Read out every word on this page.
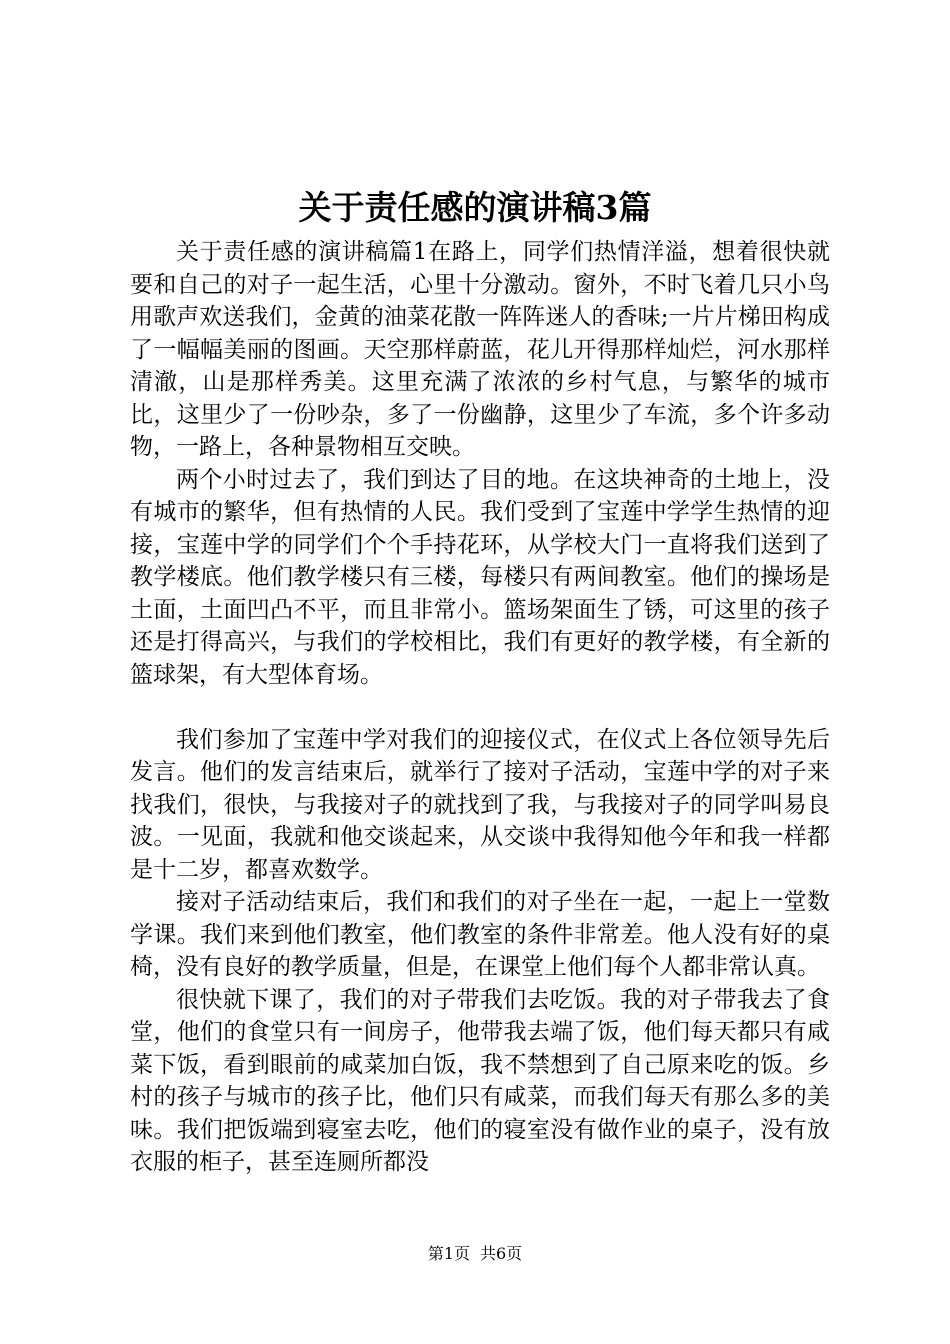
关于责任感的演讲稿3篇

关于责任感的演讲稿篇1在路上，同学们热情洋溢，想着很快就要和自己的对子一起生活，心里十分激动。窗外，不时飞着几只小鸟用歌声欢送我们，金黄的油菜花散一阵阵迷人的香味;一片片梯田构成了一幅幅美丽的图画。天空那样蔚蓝，花儿开得那样灿烂，河水那样清澈，山是那样秀美。这里充满了浓浓的乡村气息，与繁华的城市比，这里少了一份吵杂，多了一份幽静，这里少了车流，多个许多动物，一路上，各种景物相互交映。

两个小时过去了，我们到达了目的地。在这块神奇的土地上，没有城市的繁华，但有热情的人民。我们受到了宝莲中学学生热情的迎接，宝莲中学的同学们个个手持花环，从学校大门一直将我们送到了教学楼底。他们教学楼只有三楼，每楼只有两间教室。他们的操场是土面，土面凹凸不平，而且非常小。篮场架面生了锈，可这里的孩子还是打得高兴，与我们的学校相比，我们有更好的教学楼，有全新的篮球架，有大型体育场。

我们参加了宝莲中学对我们的迎接仪式，在仪式上各位领导先后发言。他们的发言结束后，就举行了接对子活动，宝莲中学的对子来找我们，很快，与我接对子的就找到了我，与我接对子的同学叫易良波。一见面，我就和他交谈起来，从交谈中我得知他今年和我一样都是十二岁，都喜欢数学。

接对子活动结束后，我们和我们的对子坐在一起，一起上一堂数学课。我们来到他们教室，他们教室的条件非常差。他人没有好的桌椅，没有良好的教学质量，但是，在课堂上他们每个人都非常认真。

很快就下课了，我们的对子带我们去吃饭。我的对子带我去了食堂，他们的食堂只有一间房子，他带我去端了饭，他们每天都只有咸菜下饭，看到眼前的咸菜加白饭，我不禁想到了自己原来吃的饭。乡村的孩子与城市的孩子比，他们只有咸菜，而我们每天有那么多的美味。我们把饭端到寝室去吃，他们的寝室没有做作业的桌子，没有放衣服的柜子，甚至连厕所都没

第1页 共6页
